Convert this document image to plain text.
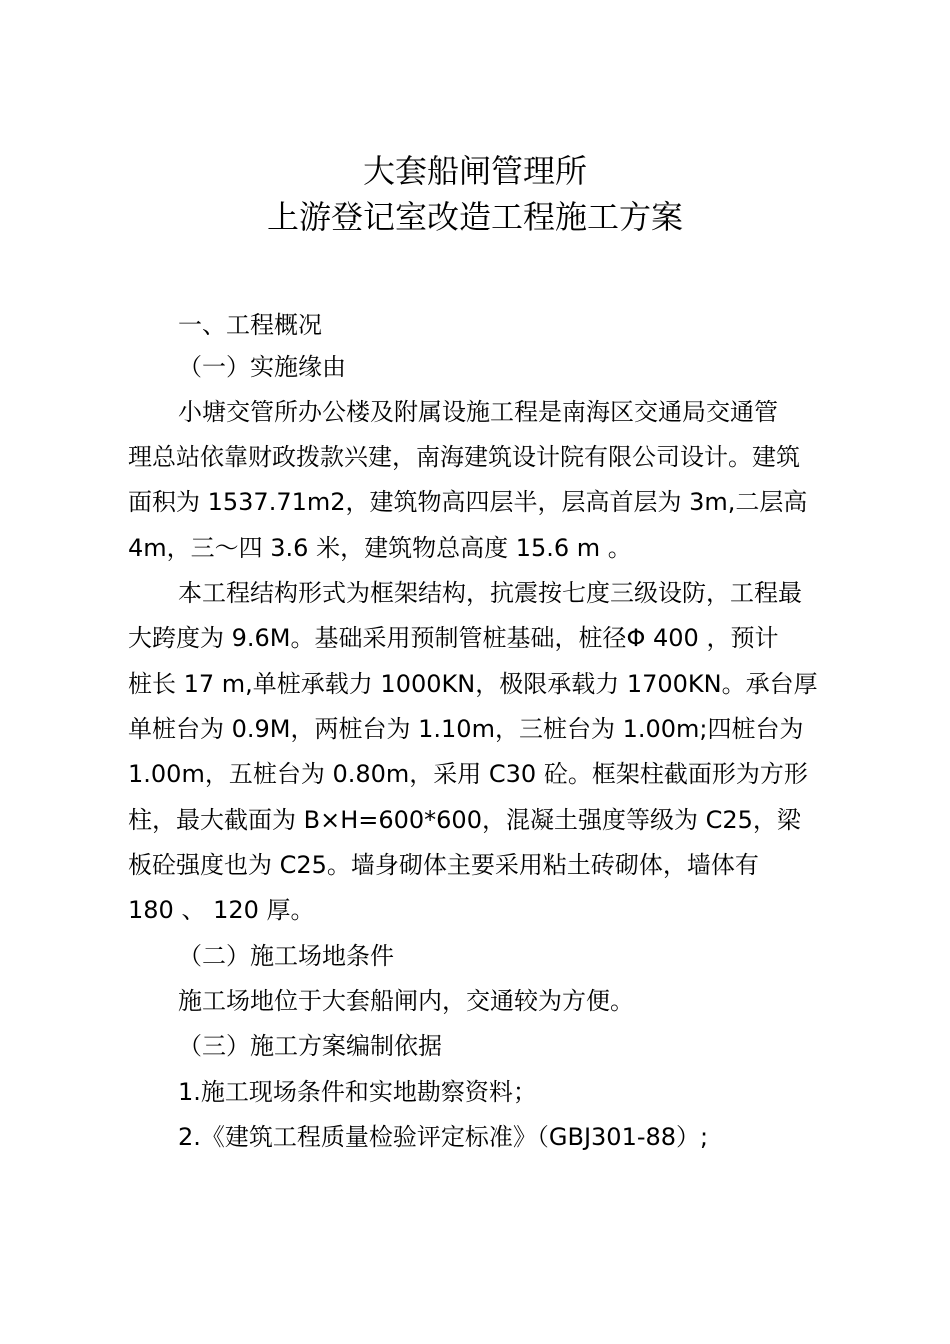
大套船闸管理所
上游登记室改造工程施工方案
一、工程概况
（一）实施缘由
小塘交管所办公楼及附属设施工程是南海区交通局交通管
理总站依靠财政拨款兴建，南海建筑设计院有限公司设计。建筑
面积为 1537.71m2，建筑物高四层半，层高首层为 3m,二层高
4m，三～四 3.6 米，建筑物总高度 15.6 m 。
本工程结构形式为框架结构，抗震按七度三级设防，工程最
大跨度为 9.6M。基础采用预制管桩基础，桩径Φ 400 ，预计
桩长 17 m,单桩承载力 1000KN，极限承载力 1700KN。承台厚
单桩台为 0.9M，两桩台为 1.10m，三桩台为 1.00m;四桩台为
1.00m，五桩台为 0.80m，采用 C30 砼。框架柱截面形为方形
柱，最大截面为 B×H=600*600，混凝土强度等级为 C25，梁
板砼强度也为 C25。墙身砌体主要采用粘土砖砌体，墙体有
180 、 120 厚。
（二）施工场地条件
施工场地位于大套船闸内，交通较为方便。
（三）施工方案编制依据
1.施工现场条件和实地勘察资料；
2.《建筑工程质量检验评定标准》（GBJ301-88）;
